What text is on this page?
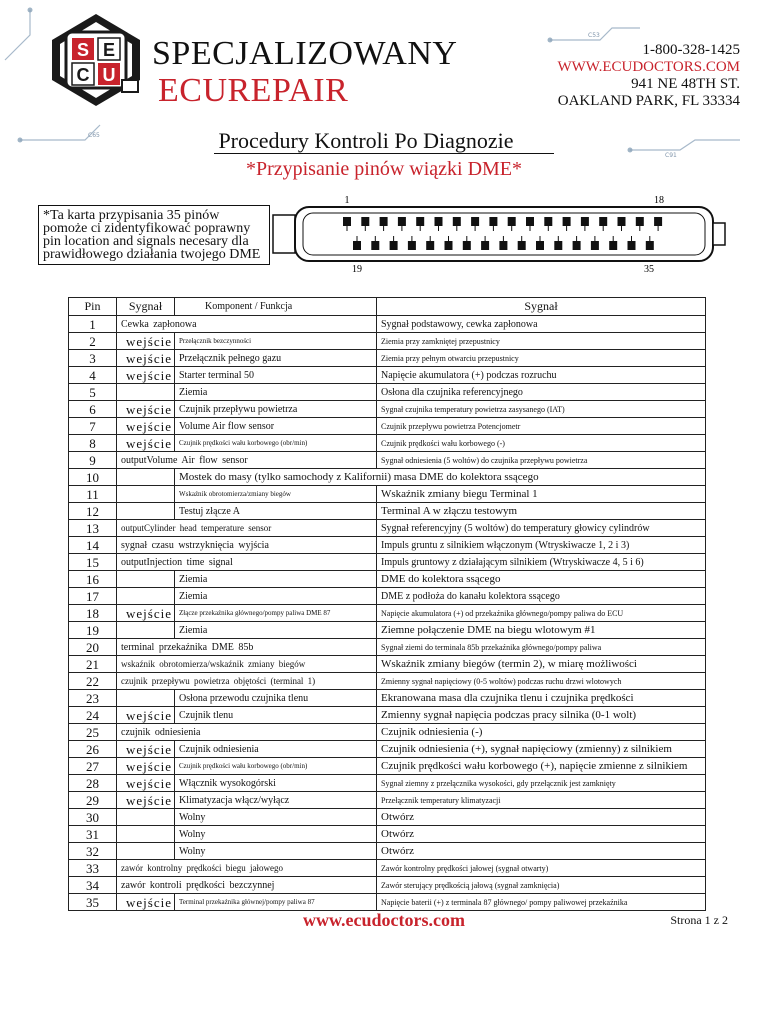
C65
C53
C91
S E
C U
SPECJALIZOWANY
ECUREPAIR
1-800-328-1425
WWW.ECUDOCTORS.COM
941 NE 48TH ST.
OAKLAND PARK, FL 33334
Procedury Kontroli Po Diagnozie
*Przypisanie pinów wiązki DME*
1	18
19	35
*Ta karta przypisania 35 pinów pomoże ci zidentyfikować poprawny pin location and signals necesary dla prawidłowego działania twojego DME
Pin	Sygnał	Komponent / Funkcja	Sygnał
1	Cewka zapłonowa		Sygnał podstawowy, cewka zapłonowa
2	wejście	Przełącznik bezczynności	Ziemia przy zamkniętej przepustnicy
3	wejście	Przełącznik pełnego gazu	Ziemia przy pełnym otwarciu przepustnicy
4	wejście	Starter terminal 50	Napięcie akumulatora (+) podczas rozruchu
5		Ziemia	Osłona dla czujnika referencyjnego
6	wejście	Czujnik przepływu powietrza	Sygnał czujnika temperatury powietrza zasysanego (IAT)
7	wejście	Volume Air flow sensor	Czujnik przepływu powietrza Potencjometr
8	wejście	Czujnik prędkości wału korbowego (obr/min)	Czujnik prędkości wału korbowego (-)
9	outputVolume Air flow sensor		Sygnał odniesienia (5 woltów) do czujnika przepływu powietrza
10		Mostek do masy (tylko samochody z Kalifornii) masa DME do kolektora ssącego	
11		Wskaźnik obrotomierza/zmiany biegów	Wskaźnik zmiany biegu Terminal 1
12		Testuj złącze A	Terminal A w złączu testowym
13	outputCylinder head temperature sensor		Sygnał referencyjny (5 woltów) do temperatury głowicy cylindrów
14	sygnał czasu wstrzyknięcia wyjścia		Impuls gruntu z silnikiem włączonym (Wtryskiwacze 1, 2 i 3)
15	outputInjection time signal		Impuls gruntowy z działającym silnikiem (Wtryskiwacze 4, 5 i 6)
16		Ziemia	DME do kolektora ssącego
17		Ziemia	DME z podłoża do kanału kolektora ssącego
18	wejście	Złącze przekaźnika głównego/pompy paliwa DME 87	Napięcie akumulatora (+) od przekaźnika głównego/pompy paliwa do ECU
19		Ziemia	Ziemne połączenie DME na biegu wlotowym #1
20	terminal przekaźnika DME 85b		Sygnał ziemi do terminala 85b przekaźnika głównego/pompy paliwa
21	wskaźnik obrotomierza/wskaźnik zmiany biegów		Wskaźnik zmiany biegów (termin 2), w miarę możliwości
22	czujnik przepływu powietrza objętości (terminal 1)		Zmienny sygnał napięciowy (0-5 woltów) podczas ruchu drzwi wlotowych
23		Osłona przewodu czujnika tlenu	Ekranowana masa dla czujnika tlenu i czujnika prędkości
24	wejście	Czujnik tlenu	Zmienny sygnał napięcia podczas pracy silnika (0-1 wolt)
25	czujnik odniesienia		Czujnik odniesienia (-)
26	wejście	Czujnik odniesienia	Czujnik odniesienia (+), sygnał napięciowy (zmienny) z silnikiem
27	wejście	Czujnik prędkości wału korbowego (obr/min)	Czujnik prędkości wału korbowego (+), napięcie zmienne z silnikiem
28	wejście	Włącznik wysokogórski	Sygnał ziemny z przełącznika wysokości, gdy przełącznik jest zamknięty
29	wejście	Klimatyzacja włącz/wyłącz	Przełącznik temperatury klimatyzacji
30		Wolny	Otwórz
31		Wolny	Otwórz
32		Wolny	Otwórz
33	zawór kontrolny prędkości biegu jałowego		Zawór kontrolny prędkości jałowej (sygnał otwarty)
34	zawór kontroli prędkości bezczynnej		Zawór sterujący prędkością jałową (sygnał zamknięcia)
35	wejście	Terminal przekaźnika głównej/pompy paliwa 87	Napięcie baterii (+) z terminala 87 głównego/ pompy paliwowej przekaźnika
www.ecudoctors.com	Strona 1 z 2
